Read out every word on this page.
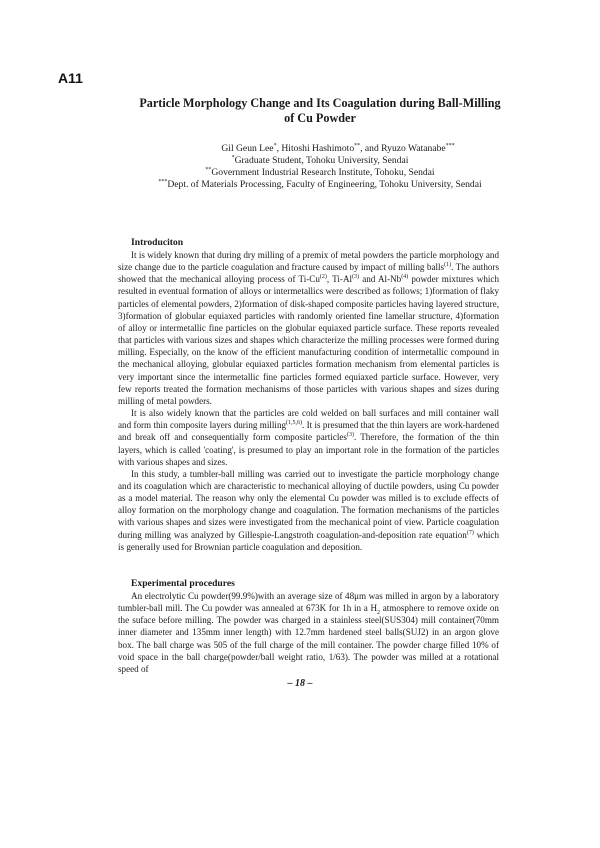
A11
Particle Morphology Change and Its Coagulation during Ball-Milling
of Cu Powder
Gil Geun Lee*, Hitoshi Hashimoto**, and Ryuzo Watanabe***
*Graduate Student, Tohoku University, Sendai
**Government Industrial Research Institute, Tohoku, Sendai
***Dept. of Materials Processing, Faculty of Engineering, Tohoku University, Sendai
Introduciton

It is widely known that during dry milling of a premix of metal powders the particle morphology and size change due to the particle coagulation and fracture caused by impact of milling balls$^{(1)}$. The authors showed that the mechanical alloying process of Ti-Cu$^{(2)}$, Ti-Al$^{(3)}$ and Al-Nb$^{(4)}$ powder mixtures which resulted in eventual formation of alloys or intermetallics were described as follows; 1)formation of flaky particles of elemental powders, 2)formation of disk-shaped composite particles having layered structure, 3)formation of globular equiaxed particles with randomly oriented fine lamellar structure, 4)formation of alloy or intermetallic fine particles on the globular equiaxed particle surface. These reports revealed that particles with various sizes and shapes which characterize the milling processes were formed during milling. Especially, on the know of the efficient manufacturing condition of intermetallic compound in the mechanical alloying, globular equiaxed particles formation mechanism from elemental particles is very important since the intermetallic fine particles formed equiaxed particle surface. However, very few reports treated the formation mechanisms of those particles with various shapes and sizes during milling of metal powders.

It is also widely known that the particles are cold welded on ball surfaces and mill container wall and form thin composite layers during milling$^{(1,5,6)}$. It is presumed that the thin layers are work-hardened and break off and consequentially form composite particles$^{(3)}$. Therefore, the formation of the thin layers, which is called 'coating', is presumed to play an important role in the formation of the particles with various shapes and sizes.

In this study, a tumbler-ball milling was carried out to investigate the particle morphology change and its coagulation which are characteristic to mechanical alloying of ductile powders, using Cu powder as a model material. The reason why only the elemental Cu powder was milled is to exclude effects of alloy formation on the morphology change and coagulation. The formation mechanisms of the particles with various shapes and sizes were investigated from the mechanical point of view. Particle coagulation during milling was analyzed by Gillespie-Langstroth coagulation-and-deposition rate equation$^{(7)}$ which is generally used for Brownian particle coagulation and deposition.

Experimental procedures

An electrolytic Cu powder(99.9%)with an average size of 48μm was milled in argon by a laboratory tumbler-ball mill. The Cu powder was annealed at 673K for 1h in a $H_2$ atmosphere to remove oxide on the suface before milling. The powder was charged in a stainless steel(SUS304) mill container(70mm inner diameter and 135mm inner length) with 12.7mm hardened steel balls(SUJ2) in an argon glove box. The ball charge was 505 of the full charge of the mill container. The powder charge filled 10% of void space in the ball charge(powder/ball weight ratio, 1/63). The powder was milled at a rotational speed of

– 18 –
